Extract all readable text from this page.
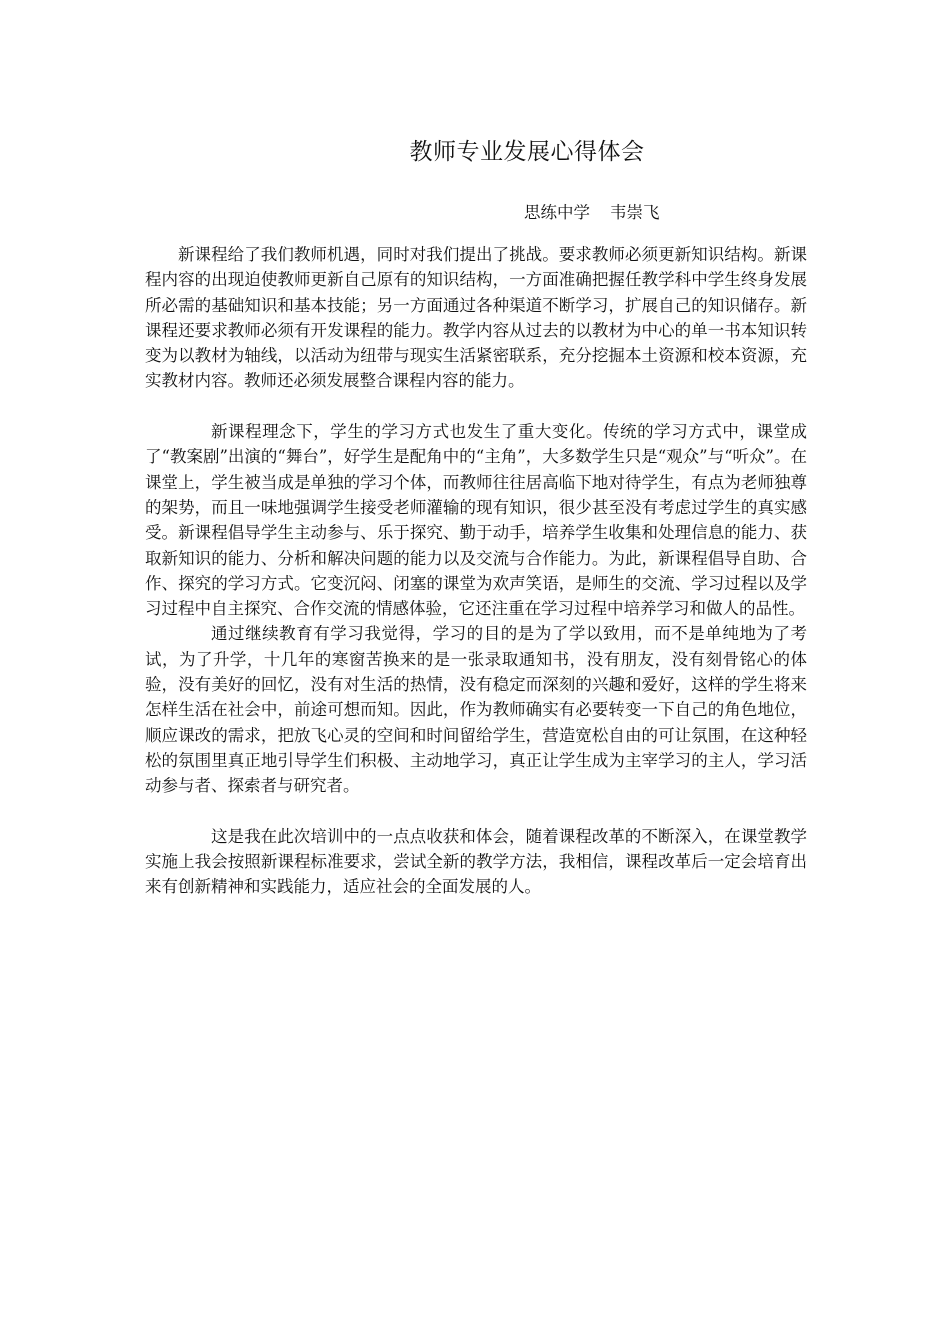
教师专业发展心得体会
思练中学 韦崇飞

新课程给了我们教师机遇，同时对我们提出了挑战。要求教师必须更新知识结构。新课程内容的出现迫使教师更新自己原有的知识结构，一方面准确把握任教学科中学生终身发展所必需的基础知识和基本技能；另一方面通过各种渠道不断学习，扩展自己的知识储存。新课程还要求教师必须有开发课程的能力。教学内容从过去的以教材为中心的单一书本知识转变为以教材为轴线，以活动为纽带与现实生活紧密联系，充分挖掘本土资源和校本资源，充实教材内容。教师还必须发展整合课程内容的能力。

新课程理念下，学生的学习方式也发生了重大变化。传统的学习方式中，课堂成了“教案剧”出演的“舞台”，好学生是配角中的“主角”，大多数学生只是“观众”与“听众”。在课堂上，学生被当成是单独的学习个体，而教师往往居高临下地对待学生，有点为老师独尊的架势，而且一味地强调学生接受老师灌输的现有知识，很少甚至没有考虑过学生的真实感受。新课程倡导学生主动参与、乐于探究、勤于动手，培养学生收集和处理信息的能力、获取新知识的能力、分析和解决问题的能力以及交流与合作能力。为此，新课程倡导自助、合作、探究的学习方式。它变沉闷、闭塞的课堂为欢声笑语，是师生的交流、学习过程以及学习过程中自主探究、合作交流的情感体验，它还注重在学习过程中培养学习和做人的品性。

通过继续教育有学习我觉得，学习的目的是为了学以致用，而不是单纯地为了考试，为了升学，十几年的寒窗苦换来的是一张录取通知书，没有朋友，没有刻骨铭心的体验，没有美好的回忆，没有对生活的热情，没有稳定而深刻的兴趣和爱好，这样的学生将来怎样生活在社会中，前途可想而知。因此，作为教师确实有必要转变一下自己的角色地位，顺应课改的需求，把放飞心灵的空间和时间留给学生，营造宽松自由的可让氛围，在这种轻松的氛围里真正地引导学生们积极、主动地学习，真正让学生成为主宰学习的主人，学习活动参与者、探索者与研究者。

这是我在此次培训中的一点点收获和体会，随着课程改革的不断深入，在课堂教学实施上我会按照新课程标准要求，尝试全新的教学方法，我相信，课程改革后一定会培育出来有创新精神和实践能力，适应社会的全面发展的人。
